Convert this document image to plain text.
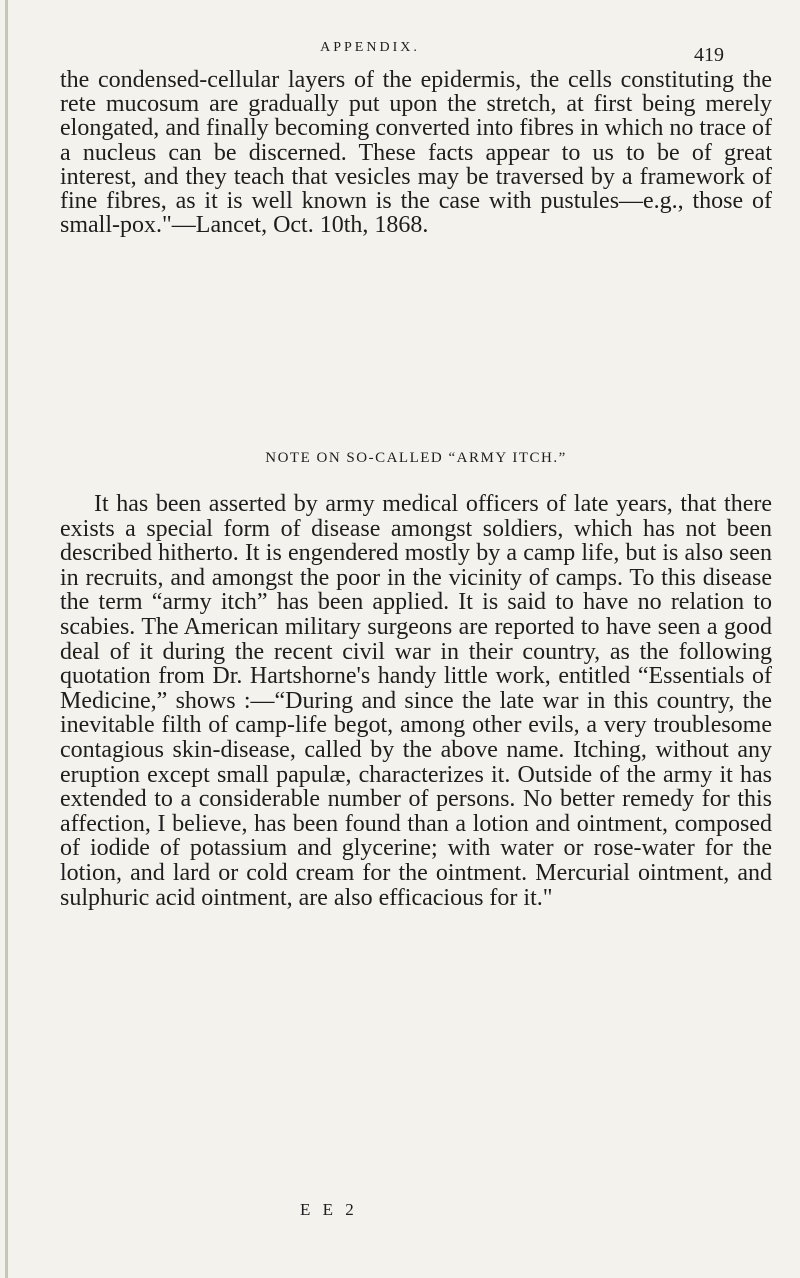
APPENDIX.	419

the condensed-cellular layers of the epidermis, the cells constituting the rete mucosum are gradually put upon the stretch, at first being merely elongated, and finally becoming converted into fibres in which no trace of a nucleus can be discerned. These facts appear to us to be of great interest, and they teach that vesicles may be traversed by a framework of fine fibres, as it is well known is the case with pustules—e.g., those of small-pox."—Lancet, Oct. 10th, 1868.

NOTE ON SO-CALLED “ARMY ITCH.”

It has been asserted by army medical officers of late years, that there exists a special form of disease amongst soldiers, which has not been described hitherto. It is engendered mostly by a camp life, but is also seen in recruits, and amongst the poor in the vicinity of camps. To this disease the term “army itch” has been applied. It is said to have no relation to scabies. The American military surgeons are reported to have seen a good deal of it during the recent civil war in their country, as the following quotation from Dr. Hartshorne's handy little work, entitled “Essentials of Medicine,” shows :—“During and since the late war in this country, the inevitable filth of camp-life begot, among other evils, a very troublesome contagious skin-disease, called by the above name. Itching, without any eruption except small papulæ, characterizes it. Outside of the army it has extended to a considerable number of persons. No better remedy for this affection, I believe, has been found than a lotion and ointment, composed of iodide of potassium and glycerine; with water or rose-water for the lotion, and lard or cold cream for the ointment. Mercurial ointment, and sulphuric acid ointment, are also efficacious for it."

E E 2
